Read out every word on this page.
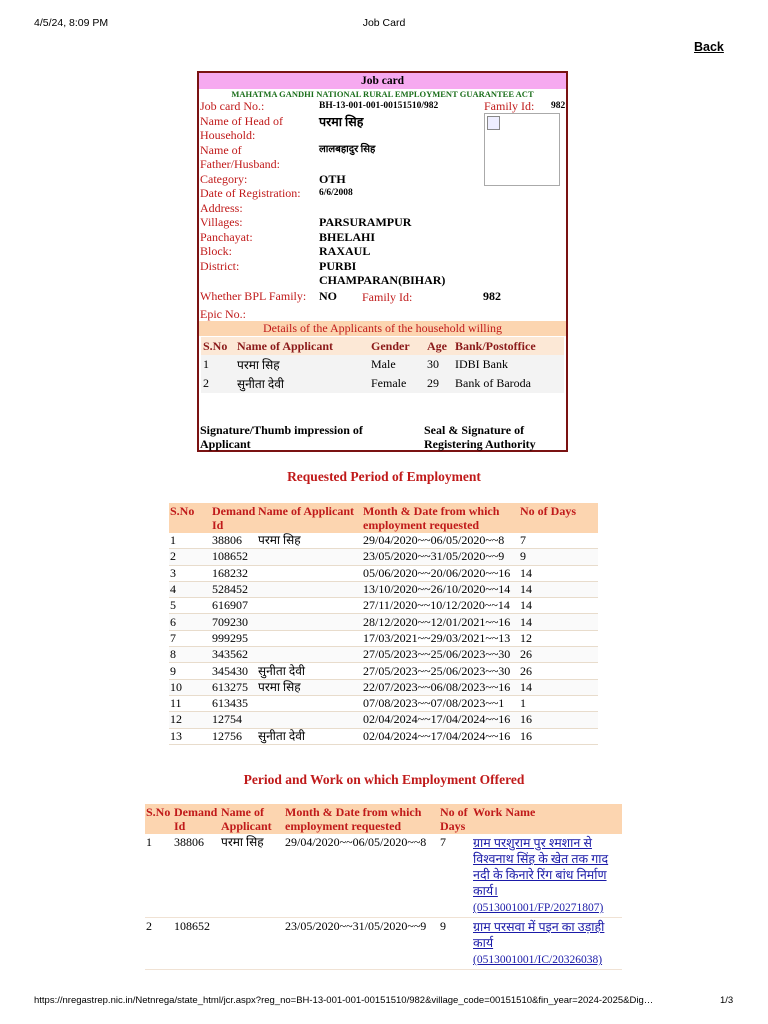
4/5/24, 8:09 PM	Job Card
Back
Job card
MAHATMA GANDHI NATIONAL RURAL EMPLOYMENT GUARANTEE ACT
Job card No.:	BH-13-001-001-00151510/982	Family Id: 982
Name of Head of Household:
परमा सिह
Name of Father/Husband:
लालबहादुर सिह
Category:	OTH
Date of Registration: 6/6/2008
Address:
Villages:	PARSURAMPUR
Panchayat:	BHELAHI
Block:	RAXAUL
District:	PURBI CHAMPARAN(BIHAR)
Whether BPL Family: NO Family Id:	982
Epic No.:
Details of the Applicants of the household willing
S.No	Name of Applicant	Gender	Age	Bank/Postoffice
1	परमा सिह	Male	30	IDBI Bank
2	सुनीता देवी	Female	29	Bank of Baroda
Signature/Thumb impression of Applicant
Seal & Signature of Registering Authority
Requested Period of Employment
S.No	Demand Id	Name of Applicant	Month & Date from which employment requested	No of Days
1	38806	परमा सिह	29/04/2020~~06/05/2020~~8	7
2	108652		23/05/2020~~31/05/2020~~9	9
3	168232		05/06/2020~~20/06/2020~~16	14
4	528452		13/10/2020~~26/10/2020~~14	14
5	616907		27/11/2020~~10/12/2020~~14	14
6	709230		28/12/2020~~12/01/2021~~16	14
7	999295		17/03/2021~~29/03/2021~~13	12
8	343562		27/05/2023~~25/06/2023~~30	26
9	345430	सुनीता देवी	27/05/2023~~25/06/2023~~30	26
10	613275	परमा सिह	22/07/2023~~06/08/2023~~16	14
11	613435		07/08/2023~~07/08/2023~~1	1
12	12754		02/04/2024~~17/04/2024~~16	16
13	12756	सुनीता देवी	02/04/2024~~17/04/2024~~16	16
Period and Work on which Employment Offered
S.No	Demand Id	Name of Applicant	Month & Date from which employment requested	No of Days	Work Name
1	38806	परमा सिह	29/04/2020~~06/05/2020~~8	7	ग्राम परशुराम पुर श्मशान से विश्वनाथ सिंह के खेत तक गाद नदी के किनारे रिंग बांध निर्माण कार्य।
(0513001001/FP/20271807)
2	108652		23/05/2020~~31/05/2020~~9	9	ग्राम परसवा में पइन का उड़ाही कार्य
(0513001001/IC/20326038)
https://nregastrep.nic.in/Netnrega/state_html/jcr.aspx?reg_no=BH-13-001-001-00151510/982&village_code=00151510&fin_year=2024-2025&Dig…	1/3
